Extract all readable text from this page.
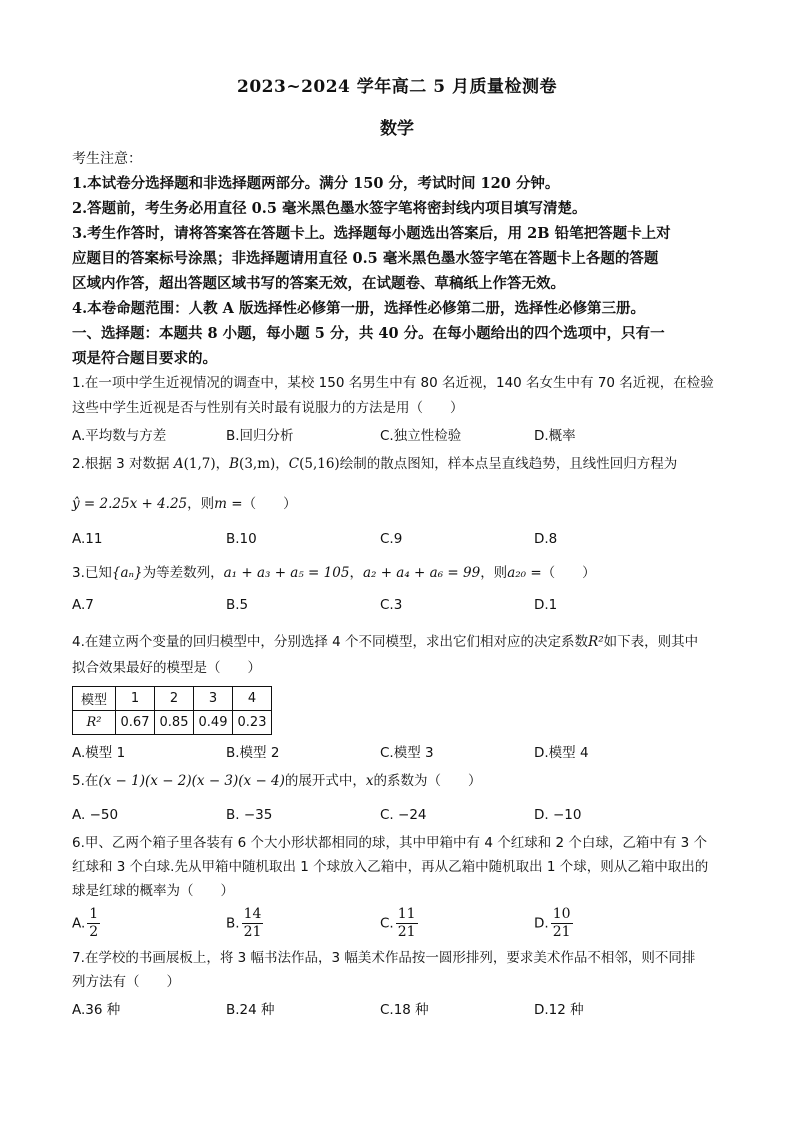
2023~2024 学年高二 5 月质量检测卷
数学
考生注意：
1.本试卷分选择题和非选择题两部分。满分 150 分，考试时间 120 分钟。
2.答题前，考生务必用直径 0.5 毫米黑色墨水签字笔将密封线内项目填写清楚。
3.考生作答时，请将答案答在答题卡上。选择题每小题选出答案后，用 2B 铅笔把答题卡上对
应题目的答案标号涂黑；非选择题请用直径 0.5 毫米黑色墨水签字笔在答题卡上各题的答题
区域内作答，超出答题区域书写的答案无效，在试题卷、草稿纸上作答无效。
4.本卷命题范围：人教 A 版选择性必修第一册，选择性必修第二册，选择性必修第三册。
一、选择题：本题共 8 小题，每小题 5 分，共 40 分。在每小题给出的四个选项中，只有一
项是符合题目要求的。
1.在一项中学生近视情况的调查中，某校 150 名男生中有 80 名近视，140 名女生中有 70 名近视，在检验
这些中学生近视是否与性别有关时最有说服力的方法是用（　　）
A.平均数与方差	B.回归分析	C.独立性检验	D.概率
2.根据 3 对数据 A(1,7)，B(3,m)，C(5,16)绘制的散点图知，样本点呈直线趋势，且线性回归方程为
ŷ = 2.25x + 4.25，则m =（　　）
A.11	B.10	C.9	D.8
3.已知{aₙ}为等差数列，a₁ + a₃ + a₅ = 105，a₂ + a₄ + a₆ = 99，则a₂₀ =（　　）
A.7	B.5	C.3	D.1
4.在建立两个变量的回归模型中，分别选择 4 个不同模型，求出它们相对应的决定系数R²如下表，则其中
拟合效果最好的模型是（　　）
模型	1	2	3	4
R²	0.67	0.85	0.49	0.23
A.模型 1	B.模型 2	C.模型 3	D.模型 4
5.在(x − 1)(x − 2)(x − 3)(x − 4)的展开式中，x的系数为（　　）
A. −50	B. −35	C. −24	D. −10
6.甲、乙两个箱子里各装有 6 个大小形状都相同的球，其中甲箱中有 4 个红球和 2 个白球，乙箱中有 3 个
红球和 3 个白球.先从甲箱中随机取出 1 个球放入乙箱中，再从乙箱中随机取出 1 个球，则从乙箱中取出的
球是红球的概率为（　　）
A. $\frac{1}{2}$	B. $\frac{14}{21}$	C. $\frac{11}{21}$	D. $\frac{10}{21}$
7.在学校的书画展板上，将 3 幅书法作品，3 幅美术作品按一圆形排列，要求美术作品不相邻，则不同排
列方法有（　　）
A.36 种	B.24 种	C.18 种	D.12 种
